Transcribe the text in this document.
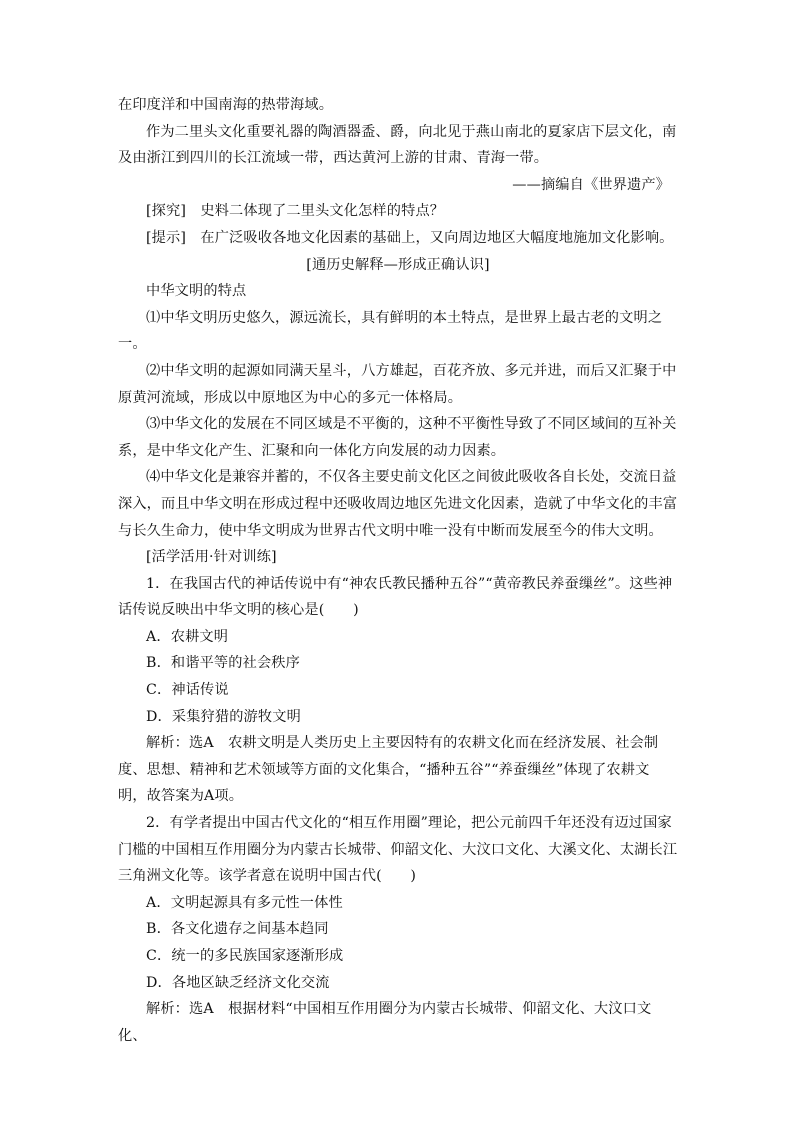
在印度洋和中国南海的热带海域。

作为二里头文化重要礼器的陶酒器盉、爵，向北见于燕山南北的夏家店下层文化，南及由浙江到四川的长江流域一带，西达黄河上游的甘肃、青海一带。

——摘编自《世界遗产》

[探究]　史料二体现了二里头文化怎样的特点？

[提示]　在广泛吸收各地文化因素的基础上，又向周边地区大幅度地施加文化影响。

[通历史解释—形成正确认识]

中华文明的特点

⑴中华文明历史悠久，源远流长，具有鲜明的本土特点，是世界上最古老的文明之一。

⑵中华文明的起源如同满天星斗，八方雄起，百花齐放、多元并进，而后又汇聚于中原黄河流域，形成以中原地区为中心的多元一体格局。

⑶中华文化的发展在不同区域是不平衡的，这种不平衡性导致了不同区域间的互补关系，是中华文化产生、汇聚和向一体化方向发展的动力因素。

⑷中华文化是兼容并蓄的，不仅各主要史前文化区之间彼此吸收各自长处，交流日益深入，而且中华文明在形成过程中还吸收周边地区先进文化因素，造就了中华文化的丰富与长久生命力，使中华文明成为世界古代文明中唯一没有中断而发展至今的伟大文明。

[活学活用·针对训练]

1．在我国古代的神话传说中有“神农氏教民播种五谷”“黄帝教民养蚕缫丝”。这些神话传说反映出中华文明的核心是(　　)

A．农耕文明

B．和谐平等的社会秩序

C．神话传说

D．采集狩猎的游牧文明

解析：选A　农耕文明是人类历史上主要因特有的农耕文化而在经济发展、社会制度、思想、精神和艺术领域等方面的文化集合，“播种五谷”“养蚕缫丝”体现了农耕文明，故答案为A项。

2．有学者提出中国古代文化的“相互作用圈”理论，把公元前四千年还没有迈过国家门槛的中国相互作用圈分为内蒙古长城带、仰韶文化、大汶口文化、大溪文化、太湖长江三角洲文化等。该学者意在说明中国古代(　　)

A．文明起源具有多元性一体性

B．各文化遗存之间基本趋同

C．统一的多民族国家逐渐形成

D．各地区缺乏经济文化交流

解析：选A　根据材料“中国相互作用圈分为内蒙古长城带、仰韶文化、大汶口文化、
